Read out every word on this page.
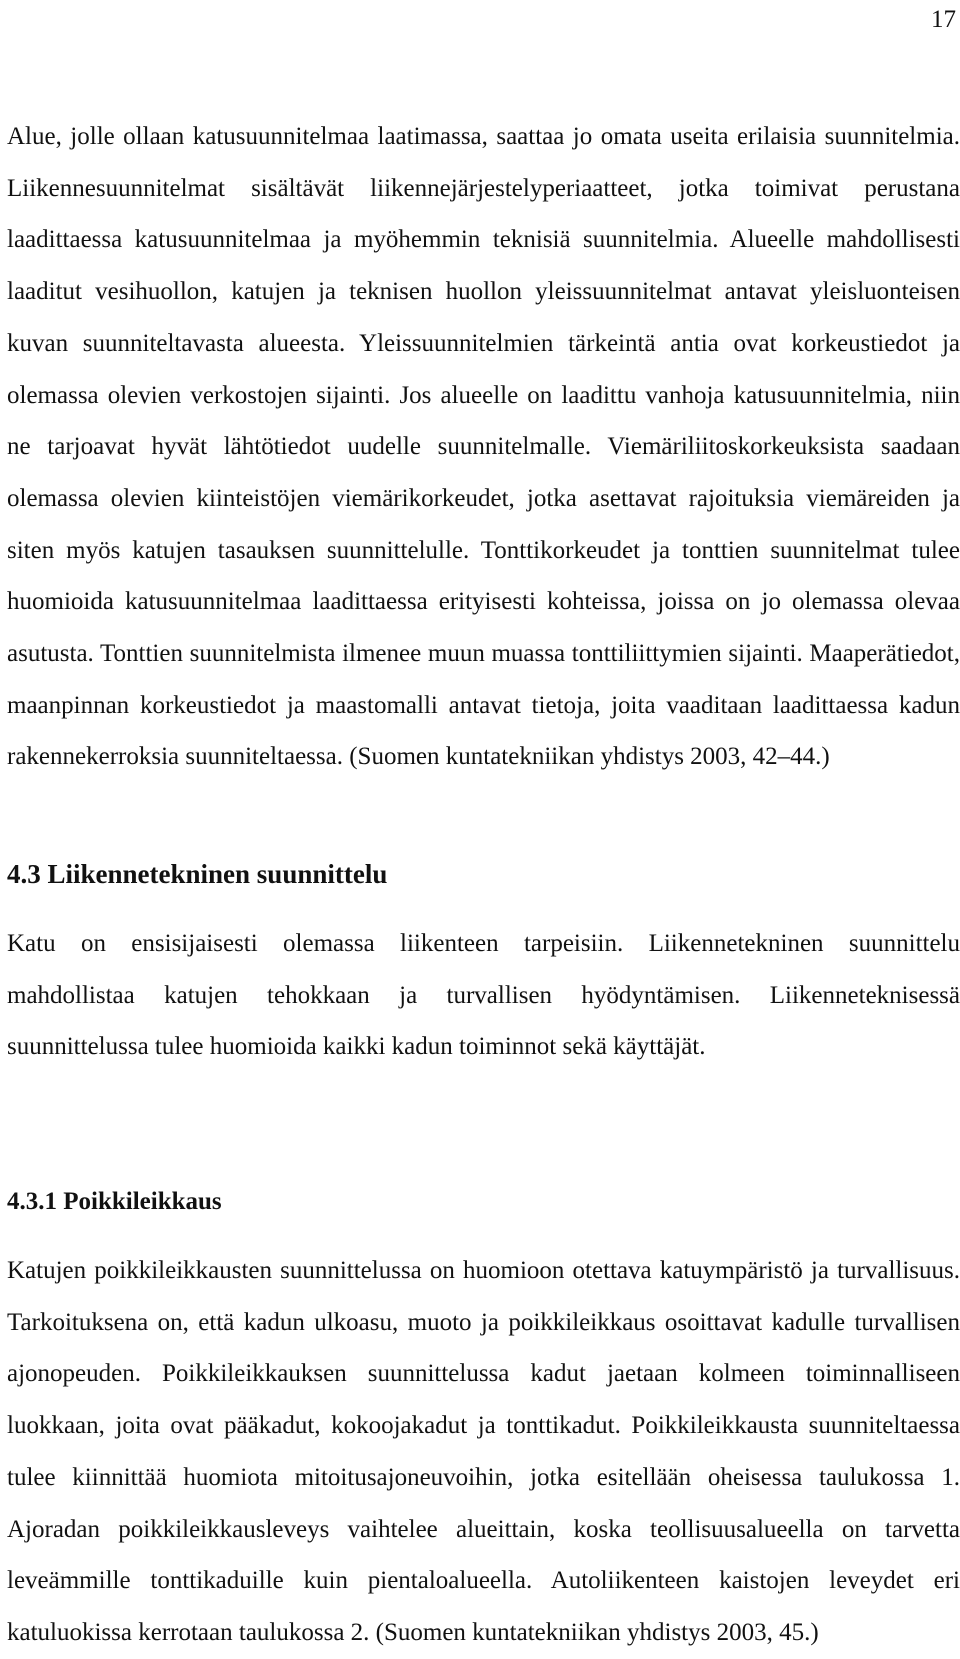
17

Alue, jolle ollaan katusuunnitelmaa laatimassa, saattaa jo omata useita erilaisia suunnitelmia. Liikennesuunnitelmat sisältävät liikennejärjestelyperiaatteet, jotka toimivat perustana laadittaessa katusuunnitelmaa ja myöhemmin teknisiä suunnitelmia. Alueelle mahdollisesti laaditut vesihuollon, katujen ja teknisen huollon yleissuunnitelmat antavat yleisluonteisen kuvan suunniteltavasta alueesta. Yleissuunnitelmien tärkeintä antia ovat korkeustiedot ja olemassa olevien verkostojen sijainti. Jos alueelle on laadittu vanhoja katusuunnitelmia, niin ne tarjoavat hyvät lähtötiedot uudelle suunnitelmalle. Viemäriliitoskorkeuksista saadaan olemassa olevien kiinteistöjen viemärikorkeudet, jotka asettavat rajoituksia viemäreiden ja siten myös katujen tasauksen suunnittelulle. Tonttikorkeudet ja tonttien suunnitelmat tulee huomioida katusuunnitelmaa laadittaessa erityisesti kohteissa, joissa on jo olemassa olevaa asutusta. Tonttien suunnitelmista ilmenee muun muassa tonttiliittymien sijainti. Maaperätiedot, maanpinnan korkeustiedot ja maastomalli antavat tietoja, joita vaaditaan laadittaessa kadun rakennekerroksia suunniteltaessa. (Suomen kuntatekniikan yhdistys 2003, 42–44.)

4.3 Liikennetekninen suunnittelu

Katu on ensisijaisesti olemassa liikenteen tarpeisiin. Liikennetekninen suunnittelu mahdollistaa katujen tehokkaan ja turvallisen hyödyntämisen. Liikenneteknisessä suunnittelussa tulee huomioida kaikki kadun toiminnot sekä käyttäjät.

4.3.1 Poikkileikkaus

Katujen poikkileikkausten suunnittelussa on huomioon otettava katuympäristö ja turvallisuus. Tarkoituksena on, että kadun ulkoasu, muoto ja poikkileikkaus osoittavat kadulle turvallisen ajonopeuden. Poikkileikkauksen suunnittelussa kadut jaetaan kolmeen toiminnalliseen luokkaan, joita ovat pääkadut, kokoojakadut ja tonttikadut. Poikkileikkausta suunniteltaessa tulee kiinnittää huomiota mitoitusajoneuvoihin, jotka esitellään oheisessa taulukossa 1. Ajoradan poikkileikkausleveys vaihtelee alueittain, koska teollisuusalueella on tarvetta leveämmille tonttikaduille kuin pientaloalueella. Autoliikenteen kaistojen leveydet eri katuluokissa kerrotaan taulukossa 2. (Suomen kuntatekniikan yhdistys 2003, 45.)
